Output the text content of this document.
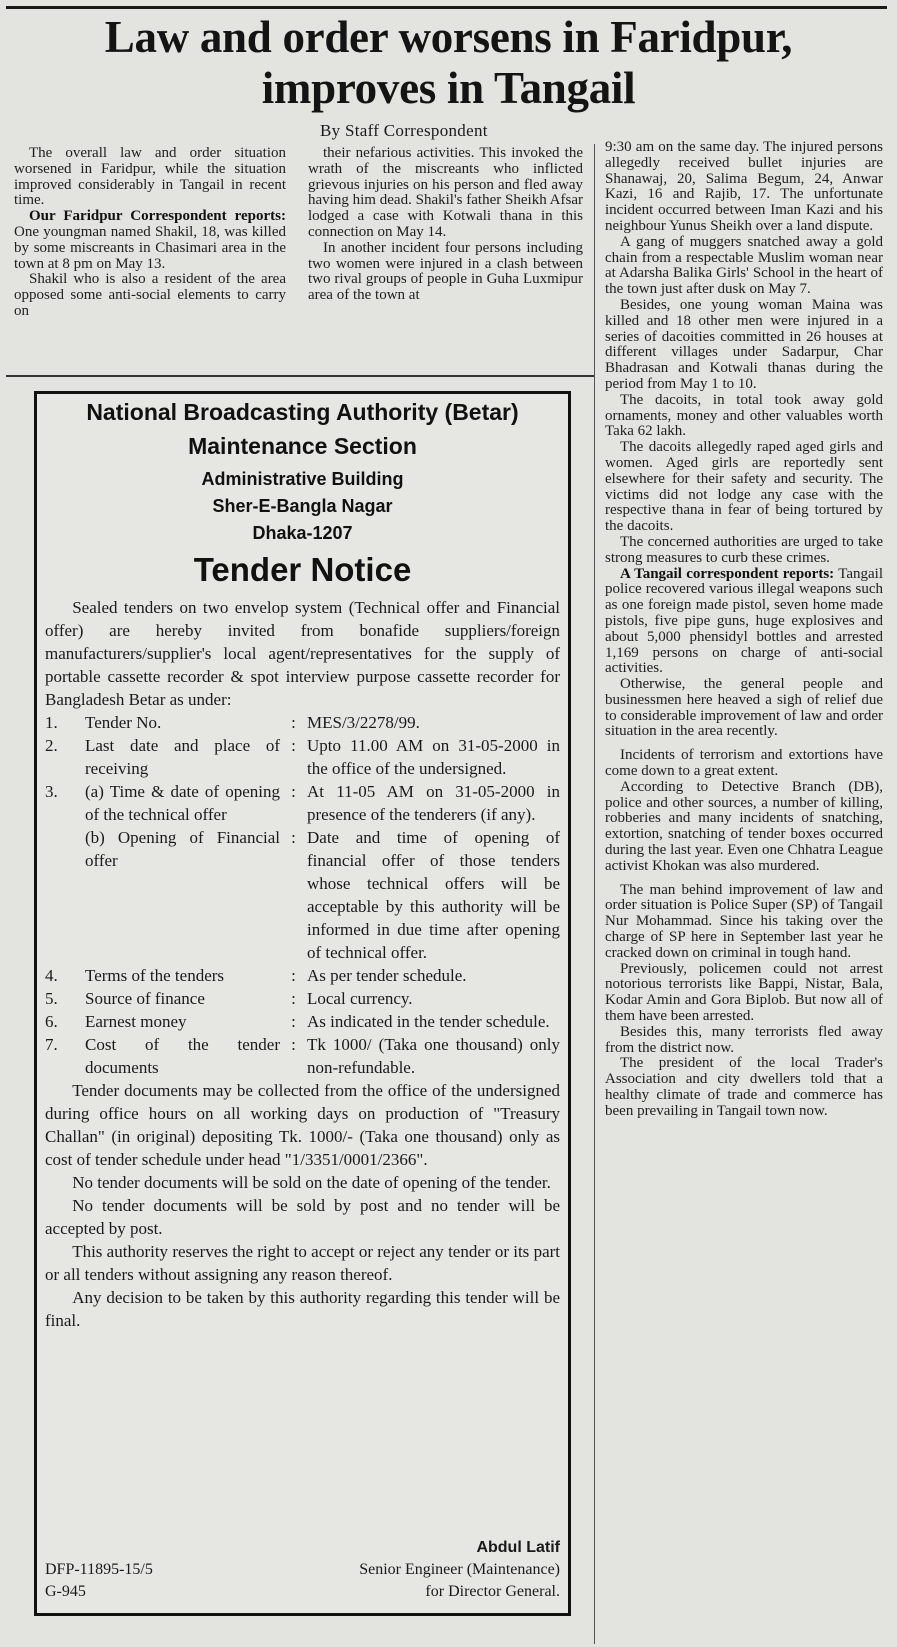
Law and order worsens in Faridpur,
improves in Tangail
By Staff Correspondent

The overall law and order situation worsened in Faridpur, while the situation improved considerably in Tangail in recent time.

Our Faridpur Correspondent reports: One youngman named Shakil, 18, was killed by some miscreants in Chasimari area in the town at 8 pm on May 13.

Shakil who is also a resident of the area opposed some anti-social elements to carry on

their nefarious activities. This invoked the wrath of the miscreants who inflicted grievous injuries on his person and fled away having him dead. Shakil's father Sheikh Afsar lodged a case with Kotwali thana in this connection on May 14.

In another incident four persons including two women were injured in a clash between two rival groups of people in Guha Luxmipur area of the town at

9:30 am on the same day. The injured persons allegedly received bullet injuries are Shanawaj, 20, Salima Begum, 24, Anwar Kazi, 16 and Rajib, 17. The unfortunate incident occurred between Iman Kazi and his neighbour Yunus Sheikh over a land dispute.

A gang of muggers snatched away a gold chain from a respectable Muslim woman near at Adarsha Balika Girls' School in the heart of the town just after dusk on May 7.

Besides, one young woman Maina was killed and 18 other men were injured in a series of dacoities committed in 26 houses at different villages under Sadarpur, Char Bhadrasan and Kotwali thanas during the period from May 1 to 10.

The dacoits, in total took away gold ornaments, money and other valuables worth Taka 62 lakh.

The dacoits allegedly raped aged girls and women. Aged girls are reportedly sent elsewhere for their safety and security. The victims did not lodge any case with the respective thana in fear of being tortured by the dacoits.

The concerned authorities are urged to take strong measures to curb these crimes.

A Tangail correspondent reports: Tangail police recovered various illegal weapons such as one foreign made pistol, seven home made pistols, five pipe guns, huge explosives and about 5,000 phensidyl bottles and arrested 1,169 persons on charge of anti-social activities.

Otherwise, the general people and businessmen here heaved a sigh of relief due to considerable improvement of law and order situation in the area recently.

Incidents of terrorism and extortions have come down to a great extent.

According to Detective Branch (DB), police and other sources, a number of killing, robberies and many incidents of snatching, extortion, snatching of tender boxes occurred during the last year. Even one Chhatra League activist Khokan was also murdered.

The man behind improvement of law and order situation is Police Super (SP) of Tangail Nur Mohammad. Since his taking over the charge of SP here in September last year he cracked down on criminal in tough hand.

Previously, policemen could not arrest notorious terrorists like Bappi, Nistar, Bala, Kodar Amin and Gora Biplob. But now all of them have been arrested.

Besides this, many terrorists fled away from the district now.

The president of the local Trader's Association and city dwellers told that a healthy climate of trade and commerce has been prevailing in Tangail town now.

National Broadcasting Authority (Betar)
Maintenance Section
Administrative Building
Sher-E-Bangla Nagar
Dhaka-1207
Tender Notice

Sealed tenders on two envelop system (Technical offer and Financial offer) are hereby invited from bonafide suppliers/foreign manufacturers/supplier's local agent/representatives for the supply of portable cassette recorder & spot interview purpose cassette recorder for Bangladesh Betar as under:

1.	Tender No.	: MES/3/2278/99.
2.	Last date and place of receiving
: Upto 11.00 AM on 31-05-2000 in the office of the undersigned.
3.	(a) Time & date of opening of the technical offer
: At 11-05 AM on 31-05-2000 in presence of the tenderers (if any).
(b) Opening of Financial offer
: Date and time of opening of financial offer of those tenders whose technical offers will be acceptable by this authority will be informed in due time after opening of technical offer.
4.	Terms of the tenders	: As per tender schedule.
5.	Source of finance	: Local currency.
6.	Earnest money	: As indicated in the tender schedule.
7.	Cost of the tender documents
: Tk 1000/ (Taka one thousand) only non-refundable.

Tender documents may be collected from the office of the undersigned during office hours on all working days on production of "Treasury Challan" (in original) depositing Tk. 1000/- (Taka one thousand) only as cost of tender schedule under head "1/3351/0001/2366".

No tender documents will be sold on the date of opening of the tender.

No tender documents will be sold by post and no tender will be accepted by post.

This authority reserves the right to accept or reject any tender or its part or all tenders without assigning any reason thereof.

Any decision to be taken by this authority regarding this tender will be final.

DFP-11895-15/5
G-945
Abdul Latif
Senior Engineer (Maintenance)
for Director General.
